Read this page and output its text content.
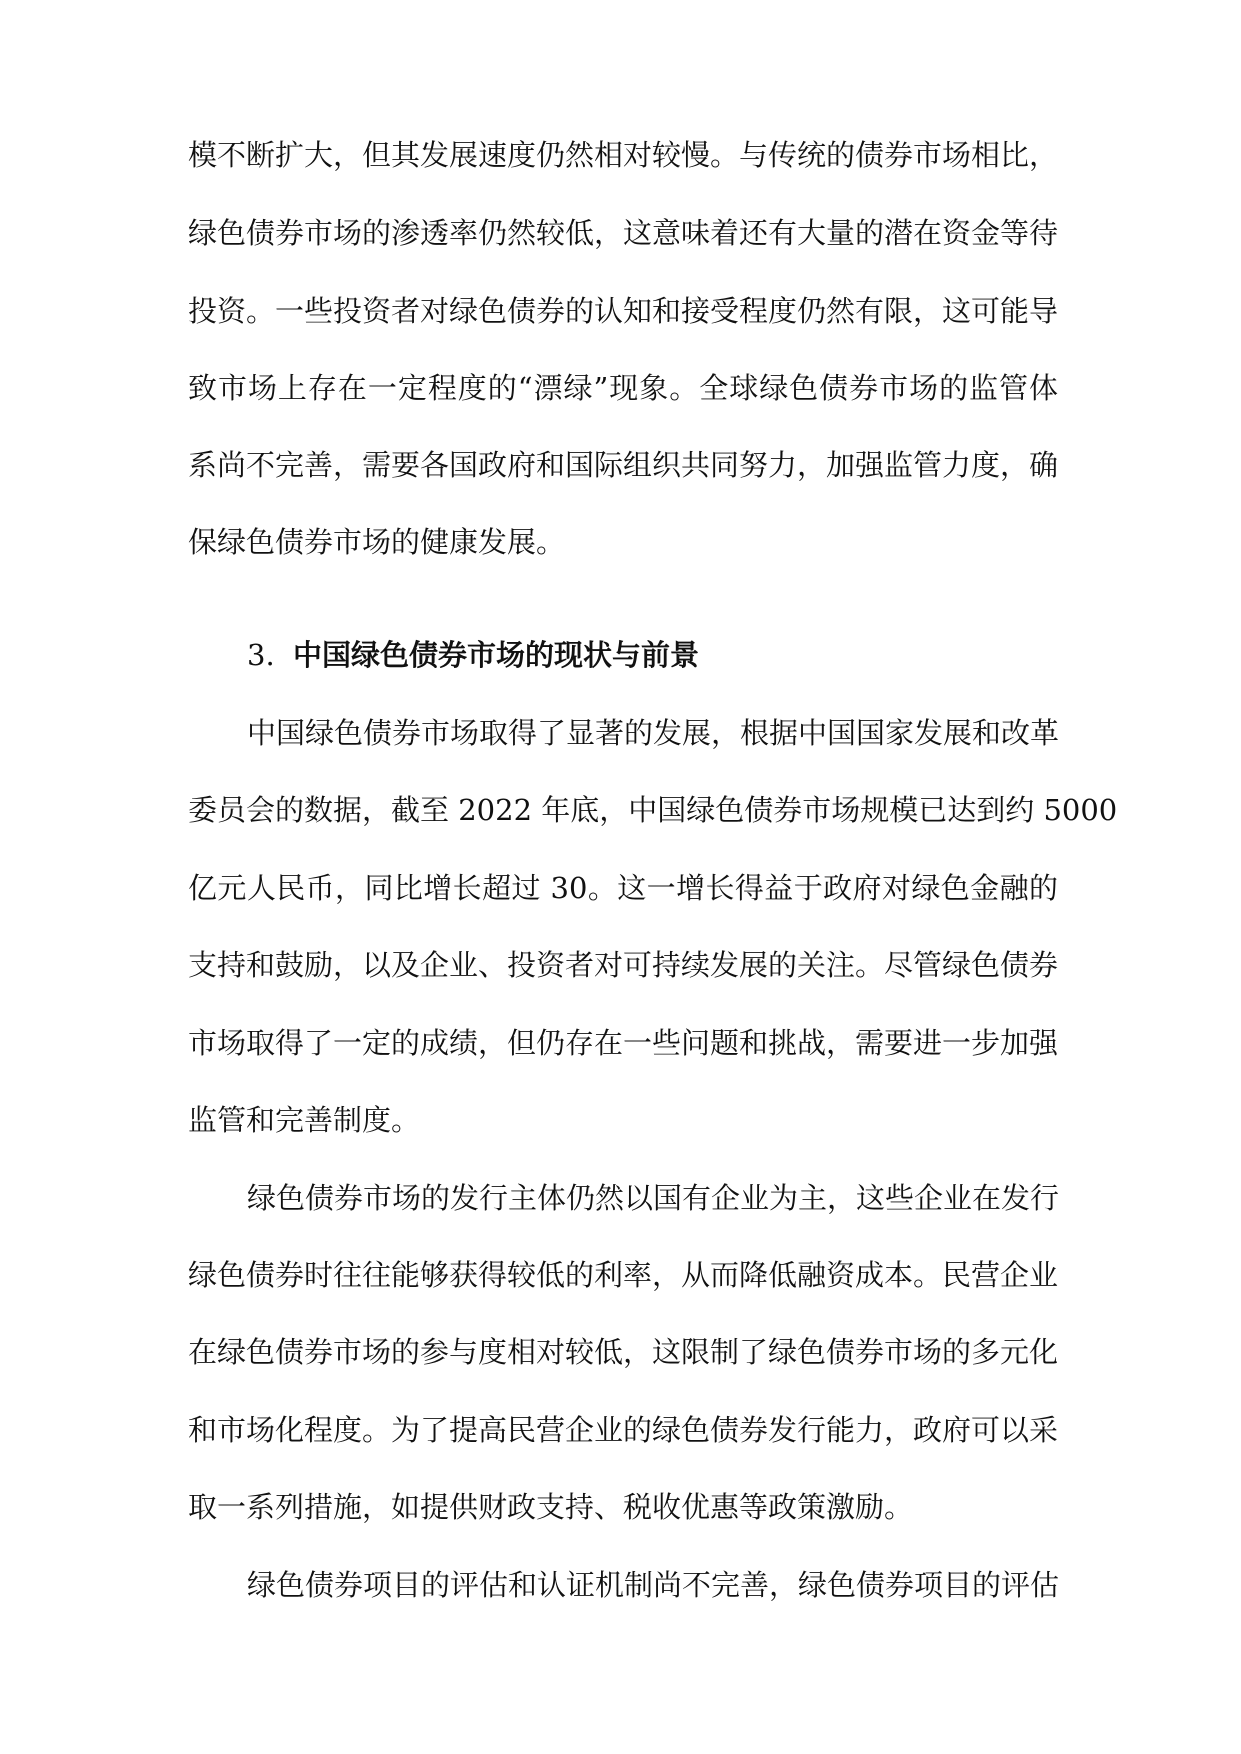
模不断扩大，但其发展速度仍然相对较慢。与传统的债券市场相比，
绿色债券市场的渗透率仍然较低，这意味着还有大量的潜在资金等待
投资。一些投资者对绿色债券的认知和接受程度仍然有限，这可能导
致市场上存在一定程度的“漂绿”现象。全球绿色债券市场的监管体
系尚不完善，需要各国政府和国际组织共同努力，加强监管力度，确
保绿色债券市场的健康发展。
3. 中国绿色债券市场的现状与前景
中国绿色债券市场取得了显著的发展，根据中国国家发展和改革
委员会的数据，截至 2022 年底，中国绿色债券市场规模已达到约 5000
亿元人民币，同比增长超过 30。这一增长得益于政府对绿色金融的
支持和鼓励，以及企业、投资者对可持续发展的关注。尽管绿色债券
市场取得了一定的成绩，但仍存在一些问题和挑战，需要进一步加强
监管和完善制度。
绿色债券市场的发行主体仍然以国有企业为主，这些企业在发行
绿色债券时往往能够获得较低的利率，从而降低融资成本。民营企业
在绿色债券市场的参与度相对较低，这限制了绿色债券市场的多元化
和市场化程度。为了提高民营企业的绿色债券发行能力，政府可以采
取一系列措施，如提供财政支持、税收优惠等政策激励。
绿色债券项目的评估和认证机制尚不完善，绿色债券项目的评估
